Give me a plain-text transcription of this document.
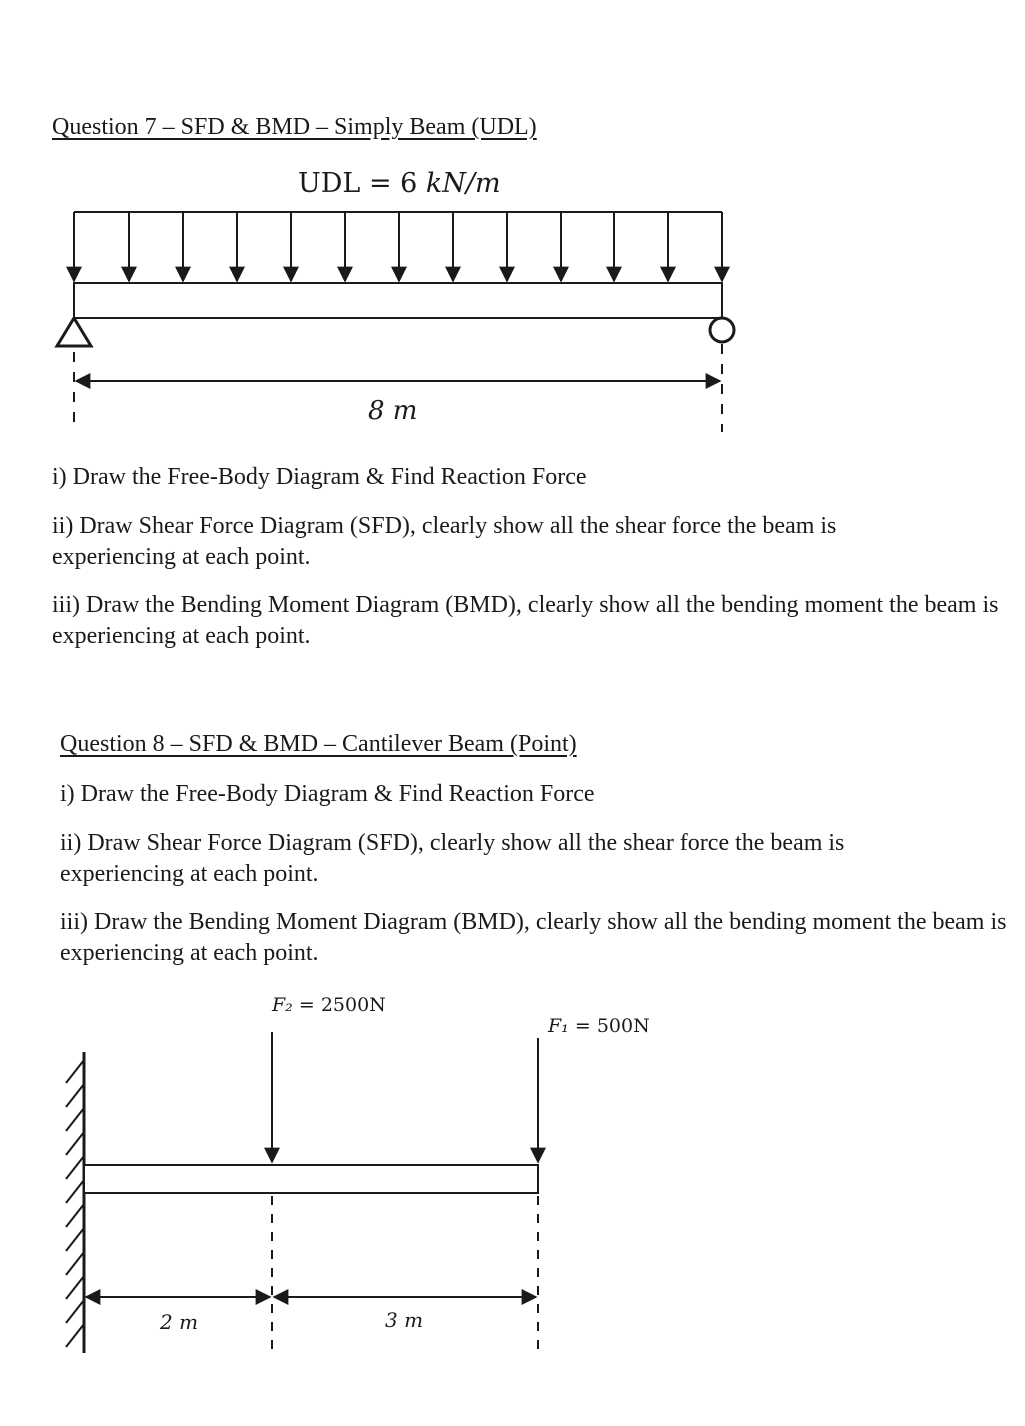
Question 7 – SFD & BMD – Simply Beam (UDL)
UDL = 6 kN/m
8 m
i) Draw the Free-Body Diagram & Find Reaction Force
ii) Draw Shear Force Diagram (SFD), clearly show all the shear force the beam is experiencing at each point.
iii) Draw the Bending Moment Diagram (BMD), clearly show all the bending moment the beam is experiencing at each point.
Question 8 – SFD & BMD – Cantilever Beam (Point)
i) Draw the Free-Body Diagram & Find Reaction Force
ii) Draw Shear Force Diagram (SFD), clearly show all the shear force the beam is experiencing at each point.
iii) Draw the Bending Moment Diagram (BMD), clearly show all the bending moment the beam is experiencing at each point.
F₂ = 2500N
F₁ = 500N
2 m	3 m
